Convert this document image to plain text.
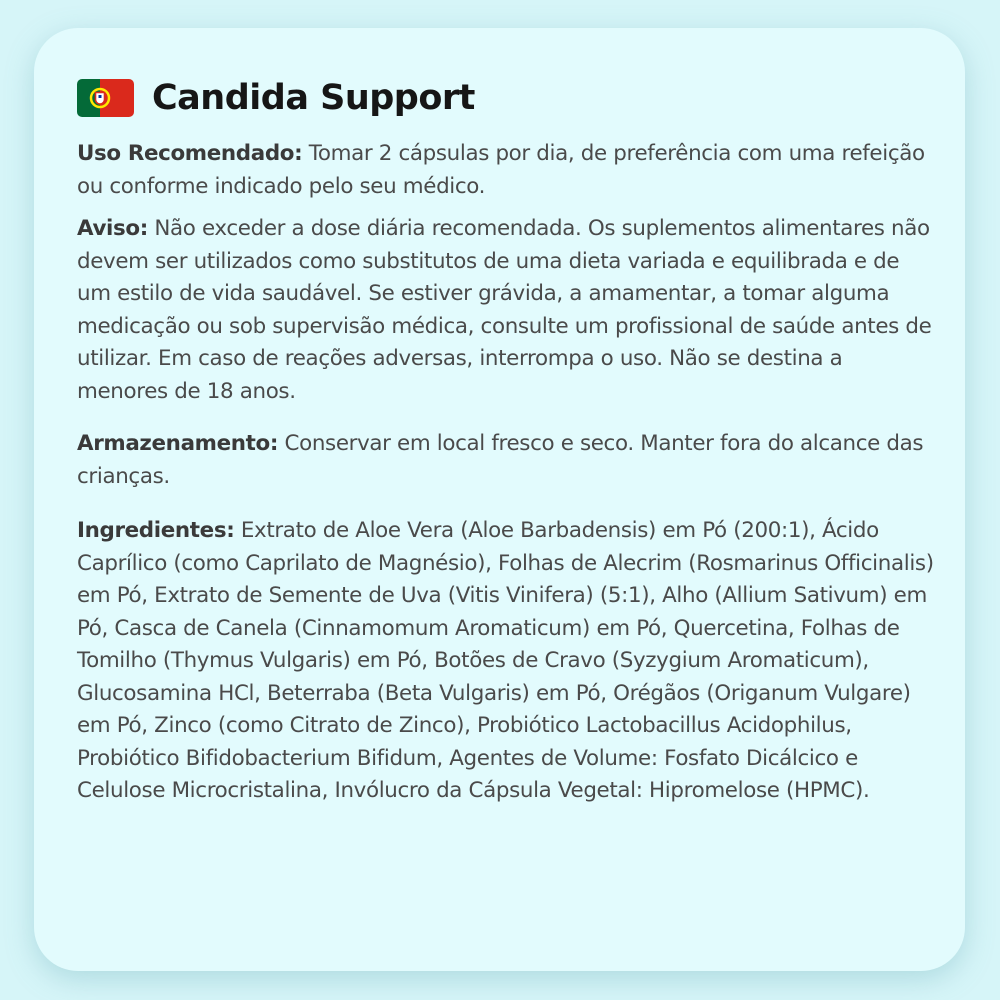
Candida Support

Uso Recomendado: Tomar 2 cápsulas por dia, de preferência com uma refeição ou conforme indicado pelo seu médico.

Aviso: Não exceder a dose diária recomendada. Os suplementos alimentares não devem ser utilizados como substitutos de uma dieta variada e equilibrada e de um estilo de vida saudável. Se estiver grávida, a amamentar, a tomar alguma medicação ou sob supervisão médica, consulte um profissional de saúde antes de utilizar. Em caso de reações adversas, interrompa o uso. Não se destina a menores de 18 anos.

Armazenamento: Conservar em local fresco e seco. Manter fora do alcance das crianças.

Ingredientes: Extrato de Aloe Vera (Aloe Barbadensis) em Pó (200:1), Ácido Caprílico (como Caprilato de Magnésio), Folhas de Alecrim (Rosmarinus Officinalis) em Pó, Extrato de Semente de Uva (Vitis Vinifera) (5:1), Alho (Allium Sativum) em Pó, Casca de Canela (Cinnamomum Aromaticum) em Pó, Quercetina, Folhas de Tomilho (Thymus Vulgaris) em Pó, Botões de Cravo (Syzygium Aromaticum), Glucosamina HCl, Beterraba (Beta Vulgaris) em Pó, Orégãos (Origanum Vulgare) em Pó, Zinco (como Citrato de Zinco), Probiótico Lactobacillus Acidophilus, Probiótico Bifidobacterium Bifidum, Agentes de Volume: Fosfato Dicálcico e Celulose Microcristalina, Invólucro da Cápsula Vegetal: Hipromelose (HPMC).
